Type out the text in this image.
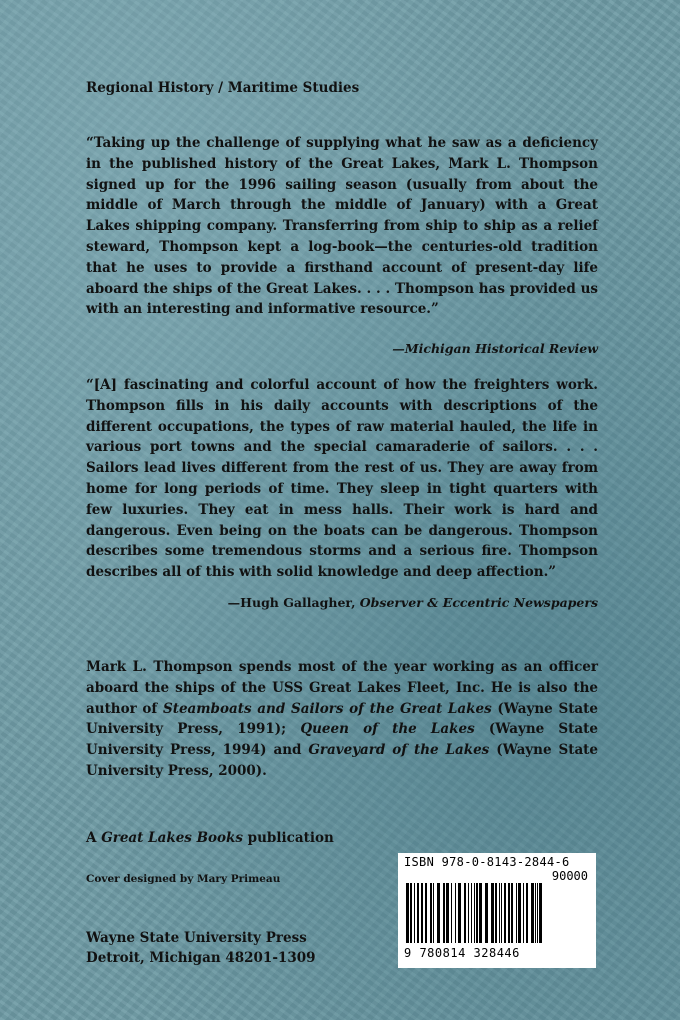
Regional History / Maritime Studies
“Taking up the challenge of supplying what he saw as a deficiency in the published history of the Great Lakes, Mark L. Thompson signed up for the 1996 sailing season (usually from about the middle of March through the middle of January) with a Great Lakes shipping company. Transferring from ship to ship as a relief steward, Thompson kept a log-book—the centuries-old tradition that he uses to provide a firsthand account of present-day life aboard the ships of the Great Lakes. . . . Thompson has provided us with an interesting and informative resource.”
—Michigan Historical Review
“[A] fascinating and colorful account of how the freighters work. Thompson fills in his daily accounts with descriptions of the different occupations, the types of raw material hauled, the life in various port towns and the special camaraderie of sailors. . . . Sailors lead lives different from the rest of us. They are away from home for long periods of time. They sleep in tight quarters with few luxuries. They eat in mess halls. Their work is hard and dangerous. Even being on the boats can be dangerous. Thompson describes some tremendous storms and a serious fire. Thompson describes all of this with solid knowledge and deep affection.”
—Hugh Gallagher, Observer & Eccentric Newspapers
Mark L. Thompson spends most of the year working as an officer aboard the ships of the USS Great Lakes Fleet, Inc. He is also the author of Steamboats and Sailors of the Great Lakes (Wayne State University Press, 1991); Queen of the Lakes (Wayne State University Press, 1994) and Graveyard of the Lakes (Wayne State University Press, 2000).
A Great Lakes Books publication
Cover designed by Mary Primeau
Wayne State University Press
Detroit, Michigan 48201-1309
ISBN 978-0-8143-2844-6
90000
9 780814 328446
